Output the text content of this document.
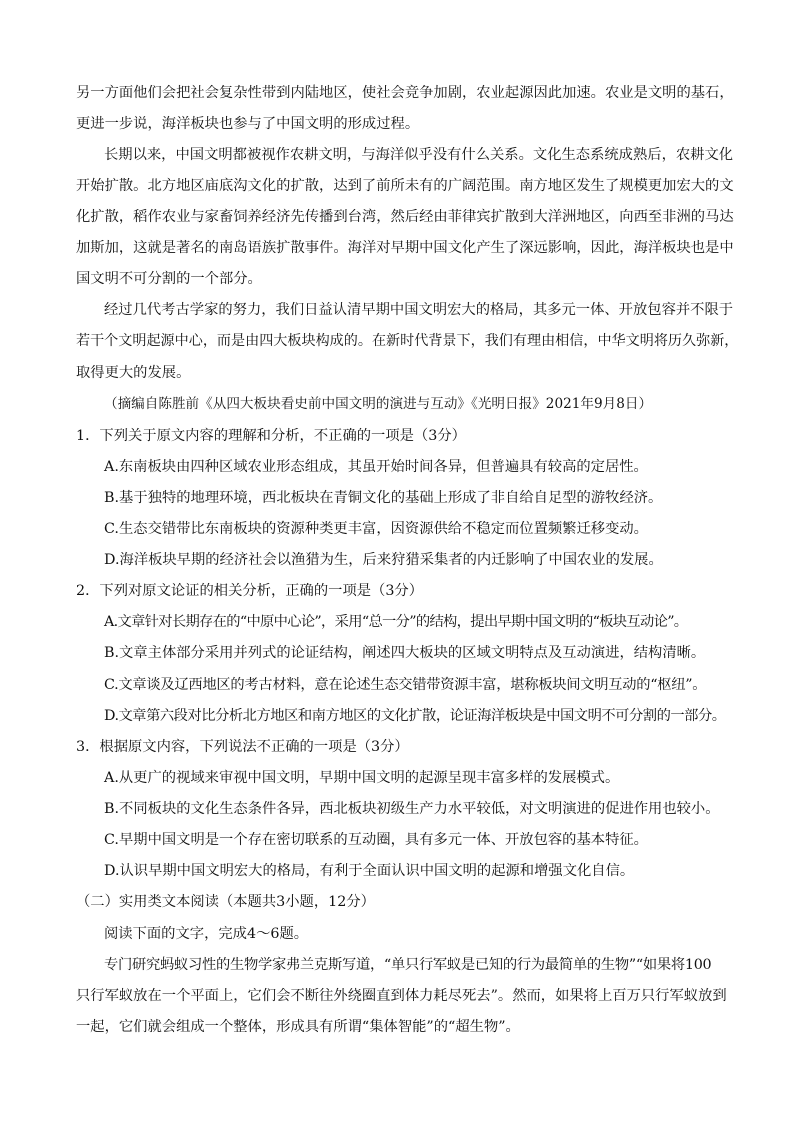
另一方面他们会把社会复杂性带到内陆地区，使社会竞争加剧，农业起源因此加速。农业是文明的基石，
更进一步说，海洋板块也参与了中国文明的形成过程。
长期以来，中国文明都被视作农耕文明，与海洋似乎没有什么关系。文化生态系统成熟后，农耕文化
开始扩散。北方地区庙底沟文化的扩散，达到了前所未有的广阔范围。南方地区发生了规模更加宏大的文
化扩散，稻作农业与家畜饲养经济先传播到台湾，然后经由菲律宾扩散到大洋洲地区，向西至非洲的马达
加斯加，这就是著名的南岛语族扩散事件。海洋对早期中国文化产生了深远影响，因此，海洋板块也是中
国文明不可分割的一个部分。
经过几代考古学家的努力，我们日益认清早期中国文明宏大的格局，其多元一体、开放包容并不限于
若干个文明起源中心，而是由四大板块构成的。在新时代背景下，我们有理由相信，中华文明将历久弥新，
取得更大的发展。
（摘编自陈胜前《从四大板块看史前中国文明的演进与互动》《光明日报》2021年9月8日）
1．下列关于原文内容的理解和分析，不正确的一项是（3分）
A.东南板块由四种区域农业形态组成，其虽开始时间各异，但普遍具有较高的定居性。
B.基于独特的地理环境，西北板块在青铜文化的基础上形成了非自给自足型的游牧经济。
C.生态交错带比东南板块的资源种类更丰富，因资源供给不稳定而位置频繁迁移变动。
D.海洋板块早期的经济社会以渔猎为生，后来狩猎采集者的内迁影响了中国农业的发展。
2．下列对原文论证的相关分析，正确的一项是（3分）
A.文章针对长期存在的“中原中心论”，采用“总一分”的结构，提出早期中国文明的“板块互动论”。
B.文章主体部分采用并列式的论证结构，阐述四大板块的区域文明特点及互动演进，结构清晰。
C.文章谈及辽西地区的考古材料，意在论述生态交错带资源丰富，堪称板块间文明互动的“枢纽”。
D.文章第六段对比分析北方地区和南方地区的文化扩散，论证海洋板块是中国文明不可分割的一部分。
3．根据原文内容，下列说法不正确的一项是（3分）
A.从更广的视域来审视中国文明，早期中国文明的起源呈现丰富多样的发展模式。
B.不同板块的文化生态条件各异，西北板块初级生产力水平较低，对文明演进的促进作用也较小。
C.早期中国文明是一个存在密切联系的互动圈，具有多元一体、开放包容的基本特征。
D.认识早期中国文明宏大的格局，有利于全面认识中国文明的起源和增强文化自信。
（二）实用类文本阅读（本题共3小题，12分）
阅读下面的文字，完成4～6题。
专门研究蚂蚁习性的生物学家弗兰克斯写道，“单只行军蚁是已知的行为最简单的生物”“如果将100
只行军蚁放在一个平面上，它们会不断往外绕圈直到体力耗尽死去”。然而，如果将上百万只行军蚁放到
一起，它们就会组成一个整体，形成具有所谓“集体智能”的“超生物”。
